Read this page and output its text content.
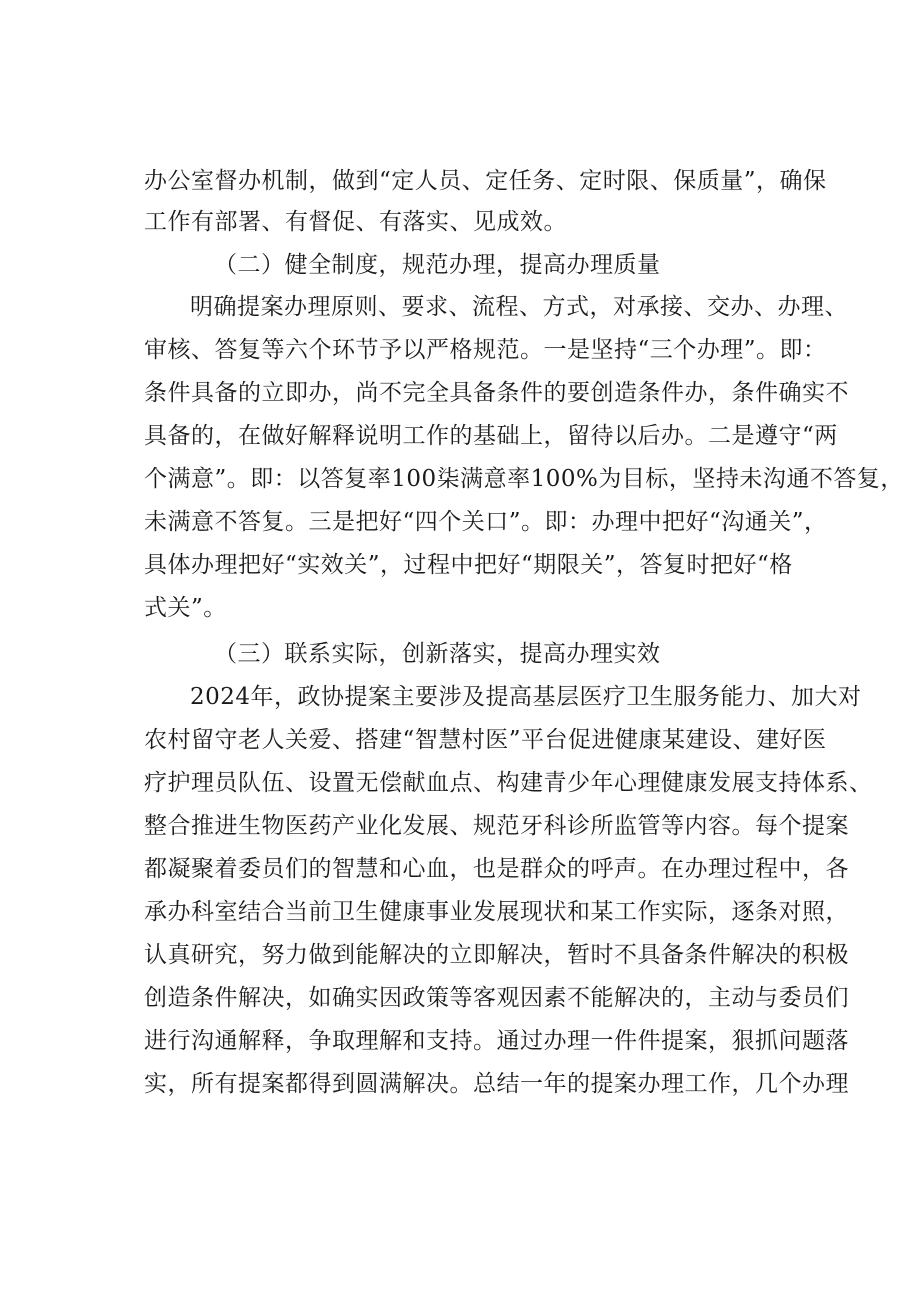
办公室督办机制，做到“定人员、定任务、定时限、保质量”，确保
工作有部署、有督促、有落实、见成效。
（二）健全制度，规范办理，提高办理质量
明确提案办理原则、要求、流程、方式，对承接、交办、办理、
审核、答复等六个环节予以严格规范。一是坚持“三个办理”。即：
条件具备的立即办，尚不完全具备条件的要创造条件办，条件确实不
具备的，在做好解释说明工作的基础上，留待以后办。二是遵守“两
个满意”。即：以答复率100柒满意率100%为目标，坚持未沟通不答复，
未满意不答复。三是把好“四个关口”。即：办理中把好“沟通关”，
具体办理把好“实效关”，过程中把好“期限关”，答复时把好“格
式关”。
（三）联系实际，创新落实，提高办理实效
2024年，政协提案主要涉及提高基层医疗卫生服务能力、加大对
农村留守老人关爱、搭建“智慧村医”平台促进健康某建设、建好医
疗护理员队伍、设置无偿献血点、构建青少年心理健康发展支持体系、
整合推进生物医药产业化发展、规范牙科诊所监管等内容。每个提案
都凝聚着委员们的智慧和心血，也是群众的呼声。在办理过程中，各
承办科室结合当前卫生健康事业发展现状和某工作实际，逐条对照，
认真研究，努力做到能解决的立即解决，暂时不具备条件解决的积极
创造条件解决，如确实因政策等客观因素不能解决的，主动与委员们
进行沟通解释，争取理解和支持。通过办理一件件提案，狠抓问题落
实，所有提案都得到圆满解决。总结一年的提案办理工作，几个办理
